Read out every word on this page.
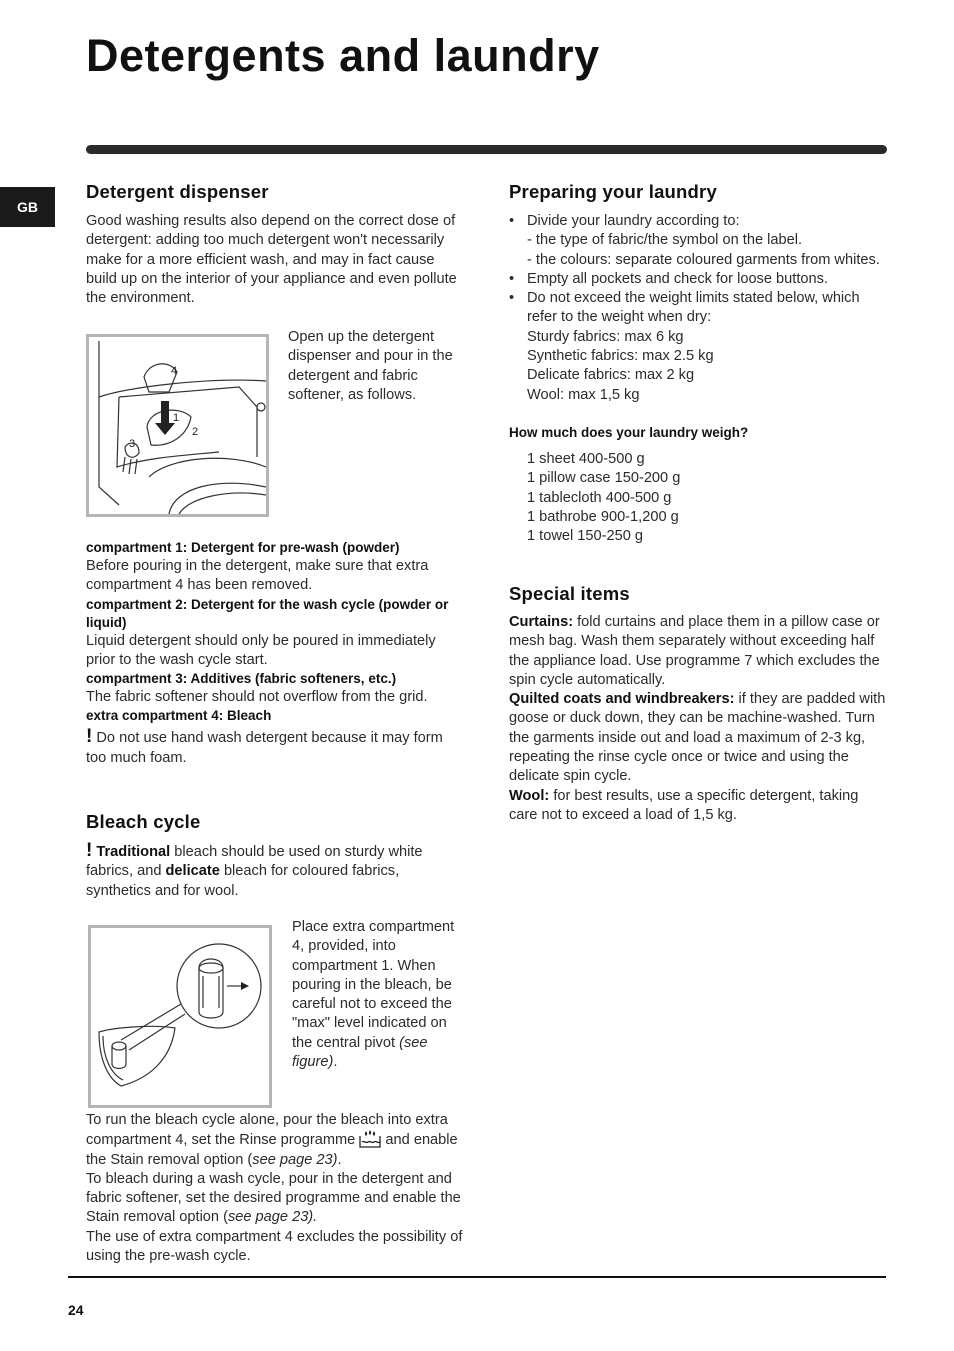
Detergents and laundry
GB
Detergent dispenser

Good washing results also depend on the correct dose of detergent: adding too much detergent won't necessarily make for a more efficient wash, and may in fact cause build up on the interior of your appliance and even pollute the environment.

4
1
2
3
Open up the detergent dispenser and pour in the detergent and fabric softener, as follows.
compartment 1: Detergent for pre-wash (powder)

Before pouring in the detergent, make sure that extra compartment 4 has been removed.

compartment 2: Detergent for the wash cycle (powder or liquid)

Liquid detergent should only be poured in immediately prior to the wash cycle start.

compartment 3: Additives (fabric softeners, etc.)

The fabric softener should not overflow from the grid.

extra compartment 4: Bleach

! Do not use hand wash detergent because it may form too much foam.

Bleach cycle

! Traditional bleach should be used on sturdy white fabrics, and delicate bleach for coloured fabrics, synthetics and for wool.

Place extra compartment 4, provided, into compartment 1. When pouring in the bleach, be careful not to exceed the "max" level indicated on the central pivot (see figure).

To run the bleach cycle alone, pour the bleach into extra compartment 4, set the Rinse programme and enable the Stain removal option (see page 23).

To bleach during a wash cycle, pour in the detergent and fabric softener, set the desired programme and enable the Stain removal option (see page 23).

The use of extra compartment 4 excludes the possibility of using the pre-wash cycle.

Preparing your laundry
• Divide your laundry according to:
- the type of fabric/the symbol on the label.
- the colours: separate coloured garments from whites.
• Empty all pockets and check for loose buttons.
• Do not exceed the weight limits stated below, which refer to the weight when dry:
Sturdy fabrics: max 6 kg
Synthetic fabrics: max 2.5 kg
Delicate fabrics: max 2 kg
Wool: max 1,5 kg
How much does your laundry weigh?
1 sheet 400-500 g
1 pillow case 150-200 g
1 tablecloth 400-500 g
1 bathrobe 900-1,200 g
1 towel 150-250 g
Special items

Curtains: fold curtains and place them in a pillow case or mesh bag. Wash them separately without exceeding half the appliance load. Use programme 7 which excludes the spin cycle automatically.

Quilted coats and windbreakers: if they are padded with goose or duck down, they can be machine-washed. Turn the garments inside out and load a maximum of 2-3 kg, repeating the rinse cycle once or twice and using the delicate spin cycle.

Wool: for best results, use a specific detergent, taking care not to exceed a load of 1,5 kg.

24
